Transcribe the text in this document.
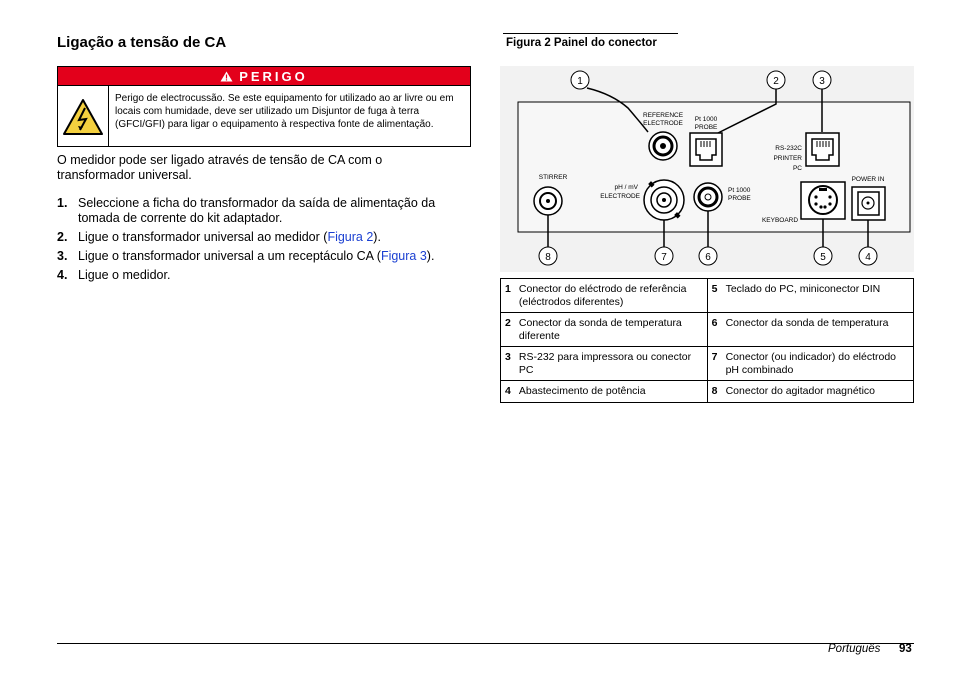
Ligação a tensão de CA
PERIGO
Perigo de electrocussão. Se este equipamento for utilizado ao ar livre ou em locais com humidade, deve ser utilizado um Disjuntor de fuga à terra (GFCI/GFI) para ligar o equipamento à respectiva fonte de alimentação.
O medidor pode ser ligado através de tensão de CA com o transformador universal.
1. Seleccione a ficha do transformador da saída de alimentação da tomada de corrente do kit adaptador.
2. Ligue o transformador universal ao medidor (Figura 2).
3. Ligue o transformador universal a um receptáculo CA (Figura 3).
4. Ligue o medidor.
Figura 2 Painel do conector
REFERENCE ELECTRODE
Pt 1000 PROBE
RS-232C PRINTER PC
STIRRER
pH / mV ELECTRODE
Pt 1000 PROBE
KEYBOARD
POWER IN
1	2	3
8	7	6	5	4
1	Conector do eléctrodo de referência (eléctrodos diferentes)	5	Teclado do PC, miniconector DIN
2	Conector da sonda de temperatura diferente	6	Conector da sonda de temperatura
3	RS-232 para impressora ou conector PC	7	Conector (ou indicador) do eléctrodo pH combinado
4	Abastecimento de potência	8	Conector do agitador magnético
Português 93
